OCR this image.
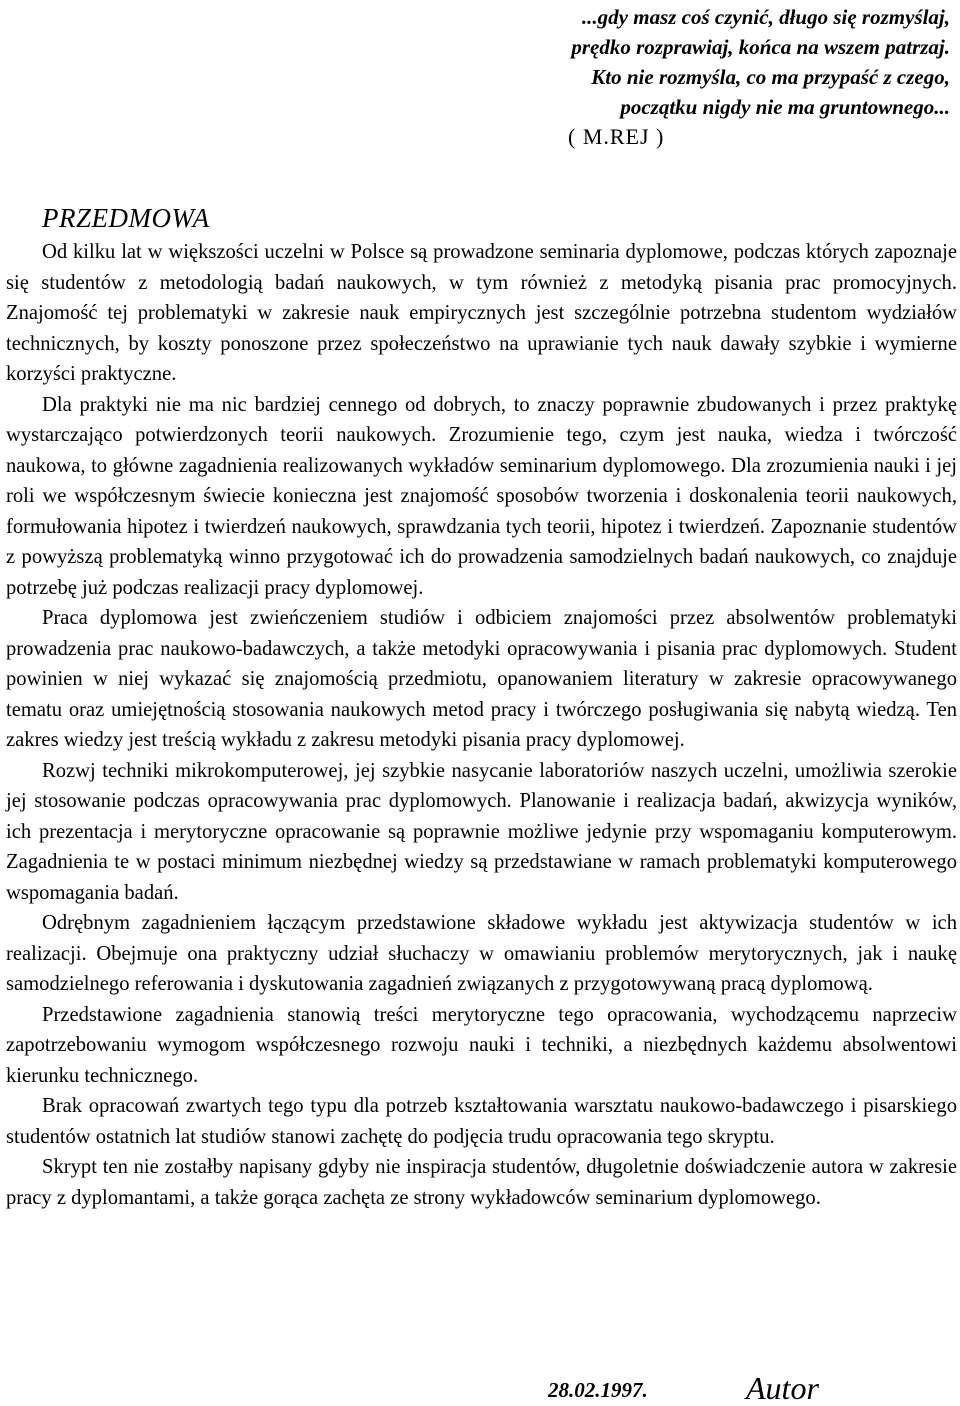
...gdy masz coś czynić, długo się rozmyślaj,
prędko rozprawiaj, końca na wszem patrzaj.
Kto nie rozmyśla, co ma przypaść z czego,
początku nigdy nie ma gruntownego...
( M.REJ )
PRZEDMOWA

Od kilku lat w większości uczelni w Polsce są prowadzone seminaria dyplomowe, podczas których zapoznaje się studentów z metodologią badań naukowych, w tym również z metodyką pisania prac promocyjnych. Znajomość tej problematyki w zakresie nauk empirycznych jest szczególnie potrzebna studentom wydziałów technicznych, by koszty ponoszone przez społeczeństwo na uprawianie tych nauk dawały szybkie i wymierne korzyści praktyczne.

Dla praktyki nie ma nic bardziej cennego od dobrych, to znaczy poprawnie zbudowanych i przez praktykę wystarczająco potwierdzonych teorii naukowych. Zrozumienie tego, czym jest nauka, wiedza i twórczość naukowa, to główne zagadnienia realizowanych wykładów seminarium dyplomowego. Dla zrozumienia nauki i jej roli we współczesnym świecie konieczna jest znajomość sposobów tworzenia i doskonalenia teorii naukowych, formułowania hipotez i twierdzeń naukowych, sprawdzania tych teorii, hipotez i twierdzeń. Zapoznanie studentów z powyższą problematyką winno przygotować ich do prowadzenia samodzielnych badań naukowych, co znajduje potrzebę już podczas realizacji pracy dyplomowej.

Praca dyplomowa jest zwieńczeniem studiów i odbiciem znajomości przez absolwentów problematyki prowadzenia prac naukowo-badawczych, a także metodyki opracowywania i pisania prac dyplomowych. Student powinien w niej wykazać się znajomością przedmiotu, opanowaniem literatury w zakresie opracowywanego tematu oraz umiejętnością stosowania naukowych metod pracy i twórczego posługiwania się nabytą wiedzą. Ten zakres wiedzy jest treścią wykładu z zakresu metodyki pisania pracy dyplomowej.

Rozwj techniki mikrokomputerowej, jej szybkie nasycanie laboratoriów naszych uczelni, umożliwia szerokie jej stosowanie podczas opracowywania prac dyplomowych. Planowanie i realizacja badań, akwizycja wyników, ich prezentacja i merytoryczne opracowanie są poprawnie możliwe jedynie przy wspomaganiu komputerowym. Zagadnienia te w postaci minimum niezbędnej wiedzy są przedstawiane w ramach problematyki komputerowego wspomagania badań.

Odrębnym zagadnieniem łączącym przedstawione składowe wykładu jest aktywizacja studentów w ich realizacji. Obejmuje ona praktyczny udział słuchaczy w omawianiu problemów merytorycznych, jak i naukę samodzielnego referowania i dyskutowania zagadnień związanych z przygotowywaną pracą dyplomową.

Przedstawione zagadnienia stanowią treści merytoryczne tego opracowania, wychodzącemu naprzeciw zapotrzebowaniu wymogom współczesnego rozwoju nauki i techniki, a niezbędnych każdemu absolwentowi kierunku technicznego.

Brak opracowań zwartych tego typu dla potrzeb kształtowania warsztatu naukowo-badawczego i pisarskiego studentów ostatnich lat studiów stanowi zachętę do podjęcia trudu opracowania tego skryptu.

Skrypt ten nie zostałby napisany gdyby nie inspiracja studentów, długoletnie doświadczenie autora w zakresie pracy z dyplomantami, a także gorąca zachęta ze strony wykładowców seminarium dyplomowego.

28.02.1997.	Autor
